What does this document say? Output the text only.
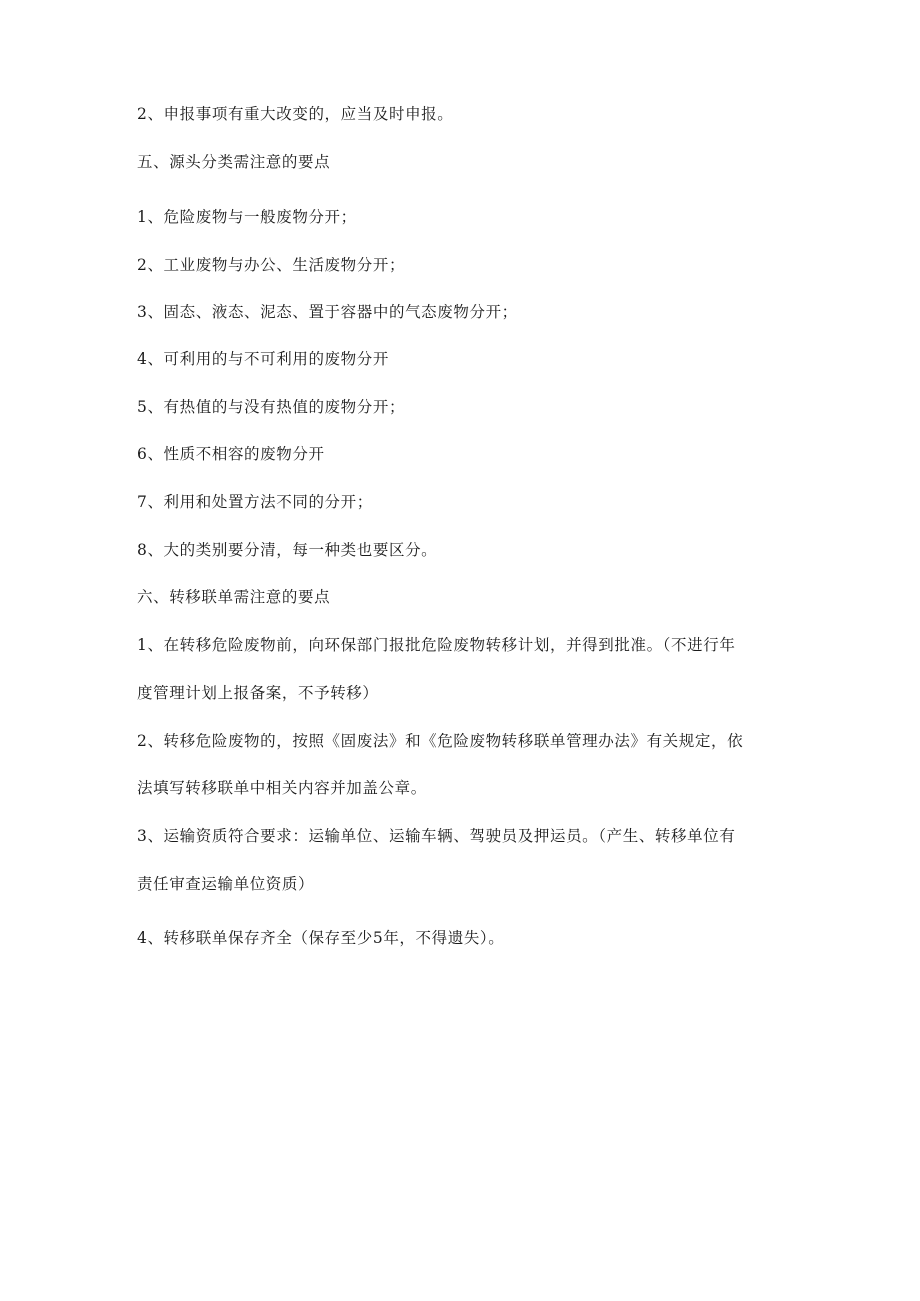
2、申报事项有重大改变的，应当及时申报。
五、源头分类需注意的要点
1、危险废物与一般废物分开；
2、工业废物与办公、生活废物分开；
3、固态、液态、泥态、置于容器中的气态废物分开；
4、可利用的与不可利用的废物分开
5、有热值的与没有热值的废物分开；
6、性质不相容的废物分开
7、利用和处置方法不同的分开；
8、大的类别要分清，每一种类也要区分。
六、转移联单需注意的要点
1、在转移危险废物前，向环保部门报批危险废物转移计划，并得到批准。（不进行年
度管理计划上报备案，不予转移）
2、转移危险废物的，按照《固废法》和《危险废物转移联单管理办法》有关规定，依
法填写转移联单中相关内容并加盖公章。
3、运输资质符合要求：运输单位、运输车辆、驾驶员及押运员。（产生、转移单位有
责任审查运输单位资质）
4、转移联单保存齐全（保存至少5年，不得遗失）。
